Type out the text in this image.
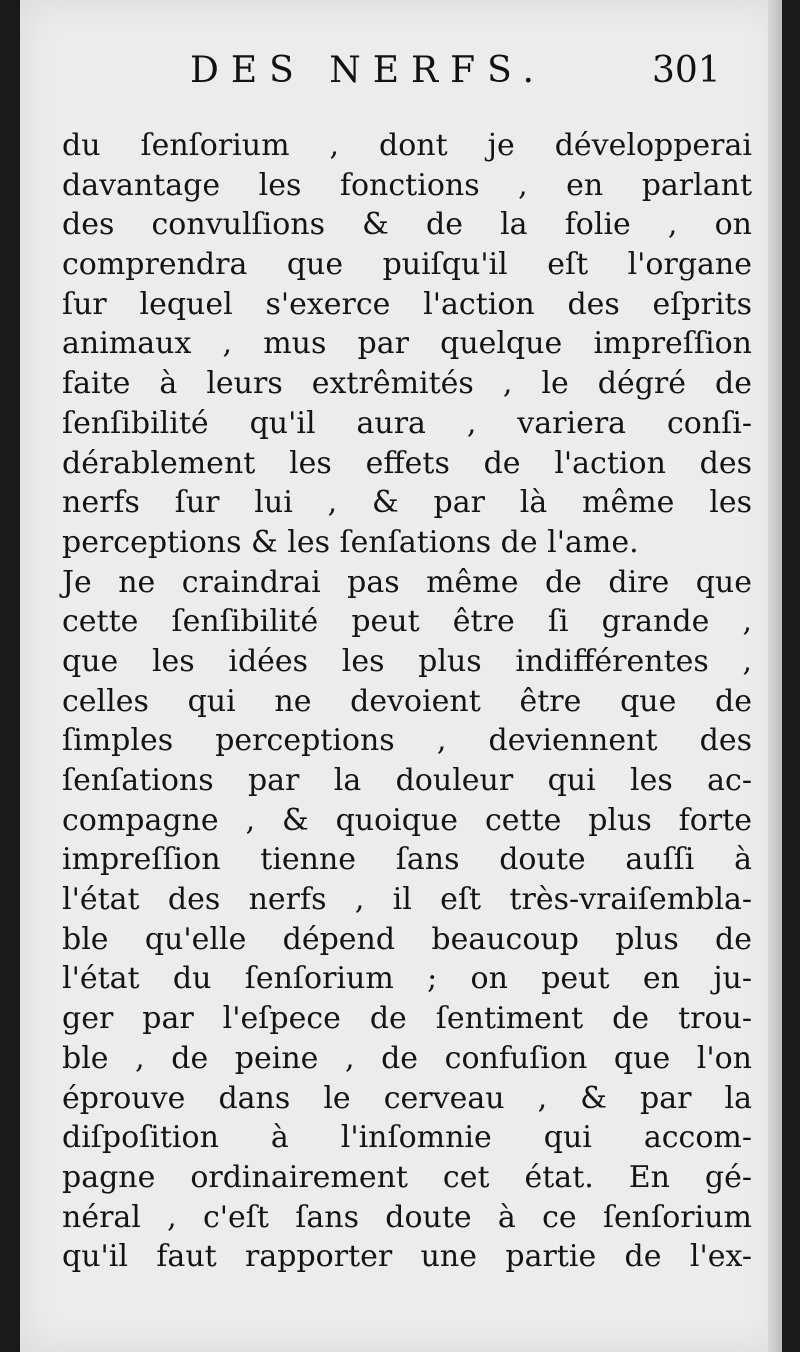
DES NERFS.	301
du ſenſorium , dont je développerai
davantage les fonctions , en parlant
des convulſions & de la folie , on
comprendra que puiſqu'il eſt l'organe
ſur lequel s'exerce l'action des eſprits
animaux , mus par quelque impreſſion
faite à leurs extrêmités , le dégré de
ſenſibilité qu'il aura , variera conſi-
dérablement les effets de l'action des
nerfs ſur lui , & par là même les
perceptions & les ſenſations de l'ame.
Je ne craindrai pas même de dire que
cette ſenſibilité peut être ſi grande ,
que les idées les plus indifférentes ,
celles qui ne devoient être que de
ſimples perceptions , deviennent des
ſenſations par la douleur qui les ac-
compagne , & quoique cette plus forte
impreſſion tienne ſans doute auſſi à
l'état des nerfs , il eſt très-vraiſembla-
ble qu'elle dépend beaucoup plus de
l'état du ſenſorium ; on peut en ju-
ger par l'eſpece de ſentiment de trou-
ble , de peine , de confuſion que l'on
éprouve dans le cerveau , & par la
diſpoſition à l'inſomnie qui accom-
pagne ordinairement cet état. En gé-
néral , c'eſt ſans doute à ce ſenſorium
qu'il faut rapporter une partie de l'ex-
